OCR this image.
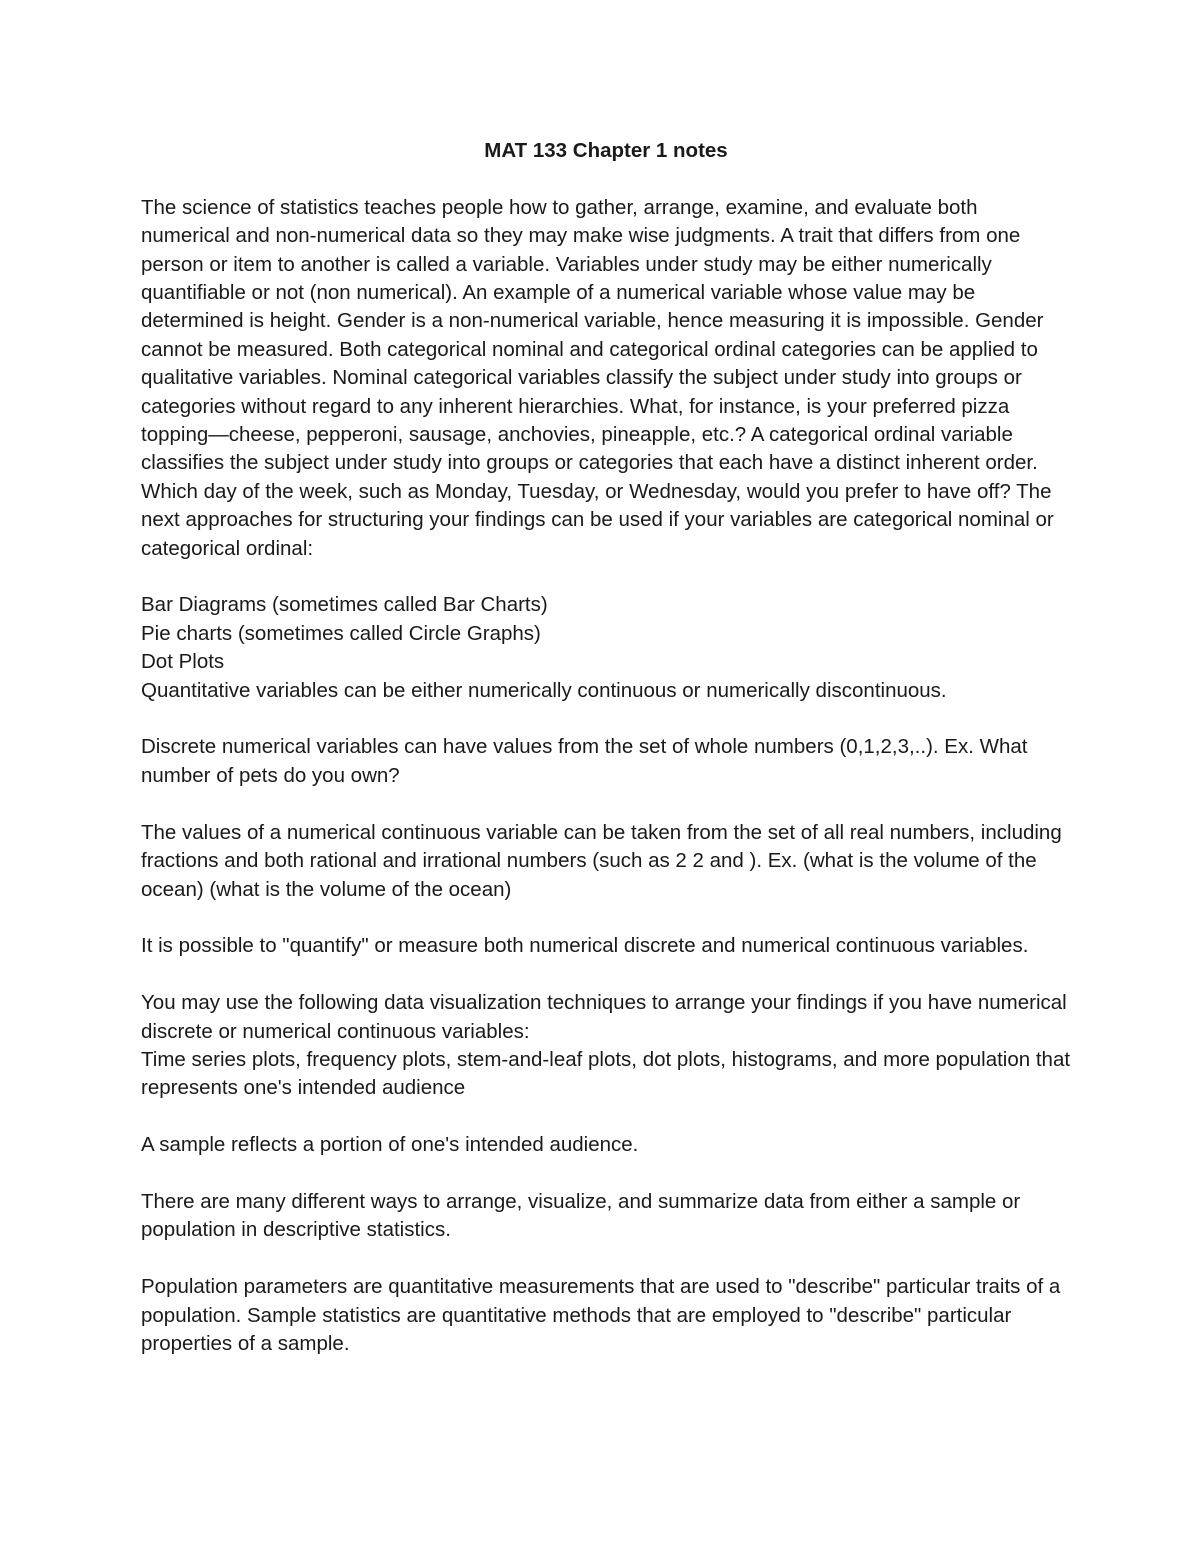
MAT 133 Chapter 1 notes

The science of statistics teaches people how to gather, arrange, examine, and evaluate both numerical and non-numerical data so they may make wise judgments. A trait that differs from one person or item to another is called a variable. Variables under study may be either numerically quantifiable or not (non numerical). An example of a numerical variable whose value may be determined is height. Gender is a non-numerical variable, hence measuring it is impossible. Gender cannot be measured. Both categorical nominal and categorical ordinal categories can be applied to qualitative variables. Nominal categorical variables classify the subject under study into groups or categories without regard to any inherent hierarchies. What, for instance, is your preferred pizza topping—cheese, pepperoni, sausage, anchovies, pineapple, etc.? A categorical ordinal variable classifies the subject under study into groups or categories that each have a distinct inherent order. Which day of the week, such as Monday, Tuesday, or Wednesday, would you prefer to have off? The next approaches for structuring your findings can be used if your variables are categorical nominal or categorical ordinal:

Bar Diagrams (sometimes called Bar Charts)
Pie charts (sometimes called Circle Graphs)
Dot Plots
Quantitative variables can be either numerically continuous or numerically discontinuous.

Discrete numerical variables can have values from the set of whole numbers (0,1,2,3,..). Ex. What number of pets do you own?

The values of a numerical continuous variable can be taken from the set of all real numbers, including fractions and both rational and irrational numbers (such as 2 2 and ). Ex. (what is the volume of the ocean) (what is the volume of the ocean)

It is possible to "quantify" or measure both numerical discrete and numerical continuous variables.

You may use the following data visualization techniques to arrange your findings if you have numerical discrete or numerical continuous variables:
Time series plots, frequency plots, stem-and-leaf plots, dot plots, histograms, and more population that represents one's intended audience

A sample reflects a portion of one's intended audience.

There are many different ways to arrange, visualize, and summarize data from either a sample or population in descriptive statistics.

Population parameters are quantitative measurements that are used to "describe" particular traits of a population. Sample statistics are quantitative methods that are employed to "describe" particular properties of a sample.
